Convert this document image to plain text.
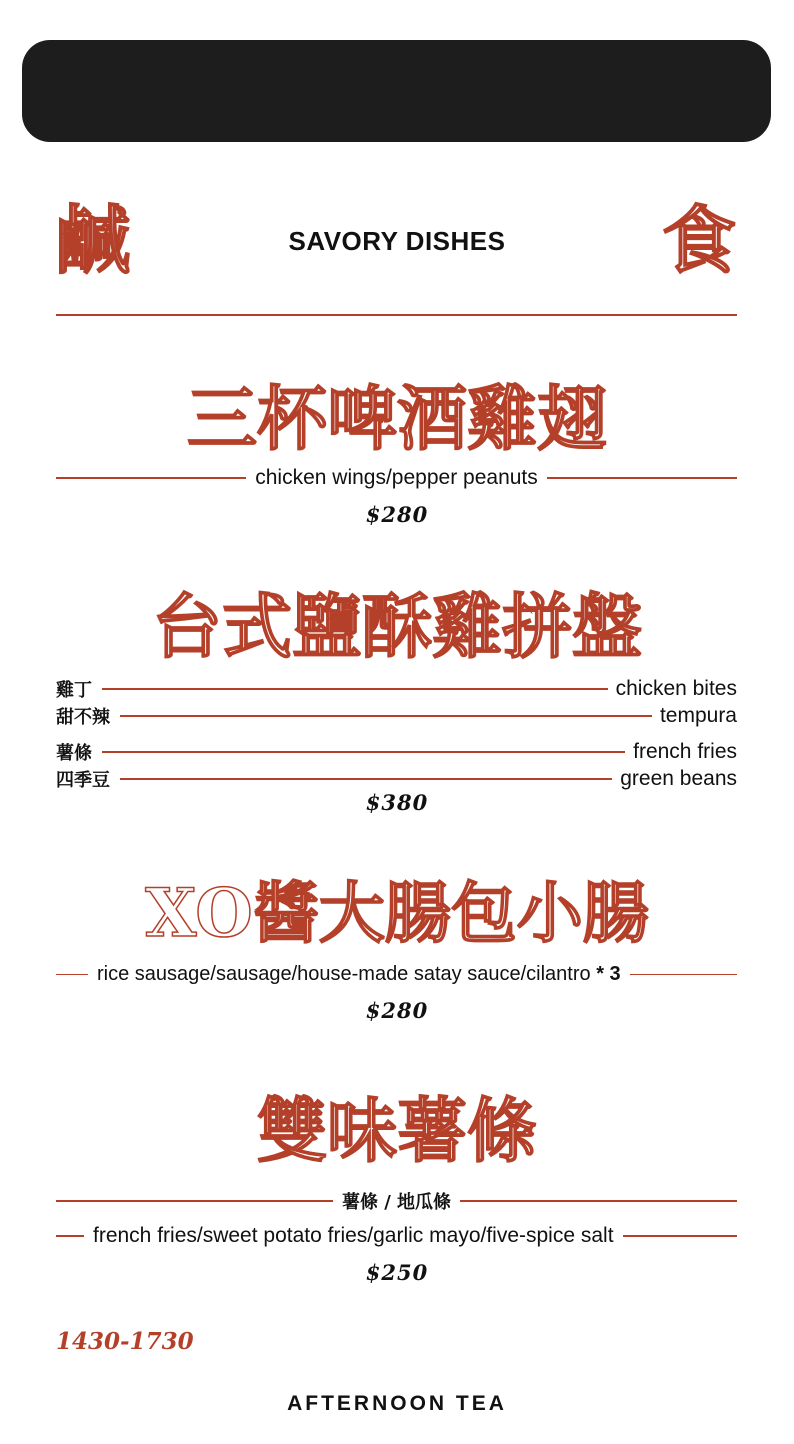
鹹	SAVORY DISHES	食
三杯啤酒雞翅
chicken wings/pepper peanuts
$280
台式鹽酥雞拼盤
雞丁	chicken bites
甜不辣	tempura
薯條	french fries
四季豆	green beans
$380
XO醬大腸包小腸
rice sausage/sausage/house-made satay sauce/cilantro * 3
$280
雙味薯條
薯條 / 地瓜條
french fries/sweet potato fries/garlic mayo/five-spice salt
$250
1430-1730
AFTERNOON TEA
